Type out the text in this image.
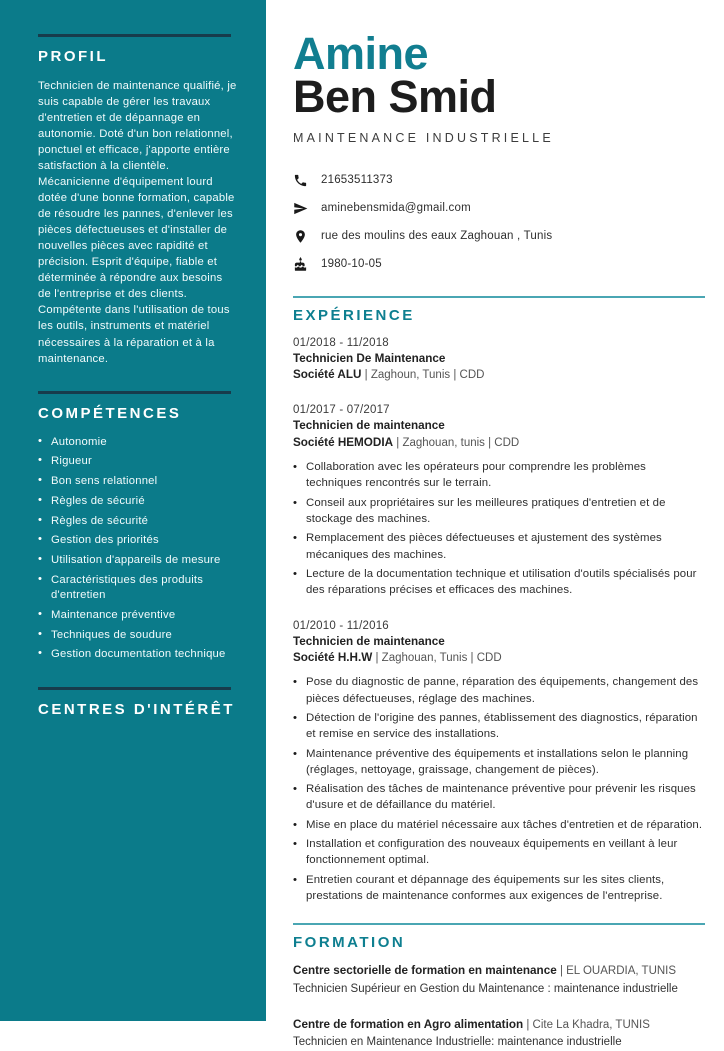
PROFIL

Technicien de maintenance qualifié, je suis capable de gérer les travaux d'entretien et de dépannage en autonomie. Doté d'un bon relationnel, ponctuel et efficace, j'apporte entière satisfaction à la clientèle. Mécanicienne d'équipement lourd dotée d'une bonne formation, capable de résoudre les pannes, d'enlever les pièces défectueuses et d'installer de nouvelles pièces avec rapidité et précision. Esprit d'équipe, fiable et déterminée à répondre aux besoins de l'entreprise et des clients. Compétente dans l'utilisation de tous les outils, instruments et matériel nécessaires à la réparation et à la maintenance.

COMPÉTENCES
• Autonomie
• Rigueur
• Bon sens relationnel
• Règles de sécurié
• Règles de sécurité
• Gestion des priorités
• Utilisation d'appareils de mesure
• Caractéristiques des produits d'entretien
• Maintenance préventive
• Techniques de soudure
• Gestion documentation technique
CENTRES D'INTÉRÊT
Amine
Ben Smid
MAINTENANCE INDUSTRIELLE
21653511373
aminebensmida@gmail.com
rue des moulins des eaux Zaghouan , Tunis
1980-10-05
EXPÉRIENCE
01/2018 - 11/2018
Technicien De Maintenance
Société ALU | Zaghoun, Tunis | CDD
01/2017 - 07/2017
Technicien de maintenance
Société HEMODIA | Zaghouan, tunis | CDD
• Collaboration avec les opérateurs pour comprendre les problèmes techniques rencontrés sur le terrain.
• Conseil aux propriétaires sur les meilleures pratiques d'entretien et de stockage des machines.
• Remplacement des pièces défectueuses et ajustement des systèmes mécaniques des machines.
• Lecture de la documentation technique et utilisation d'outils spécialisés pour des réparations précises et efficaces des machines.
01/2010 - 11/2016
Technicien de maintenance
Société H.H.W | Zaghouan, Tunis | CDD
• Pose du diagnostic de panne, réparation des équipements, changement des pièces défectueuses, réglage des machines.
• Détection de l'origine des pannes, établissement des diagnostics, réparation et remise en service des installations.
• Maintenance préventive des équipements et installations selon le planning (réglages, nettoyage, graissage, changement de pièces).
• Réalisation des tâches de maintenance préventive pour prévenir les risques d'usure et de défaillance du matériel.
• Mise en place du matériel nécessaire aux tâches d'entretien et de réparation.
• Installation et configuration des nouveaux équipements en veillant à leur fonctionnement optimal.
• Entretien courant et dépannage des équipements sur les sites clients, prestations de maintenance conformes aux exigences de l'entreprise.
FORMATION
Centre sectorielle de formation en maintenance | EL OUARDIA, TUNIS
Technicien Supérieur en Gestion du Maintenance : maintenance industrielle
Centre de formation en Agro alimentation | Cite La Khadra, TUNIS
Technicien en Maintenance Industrielle: maintenance industrielle
